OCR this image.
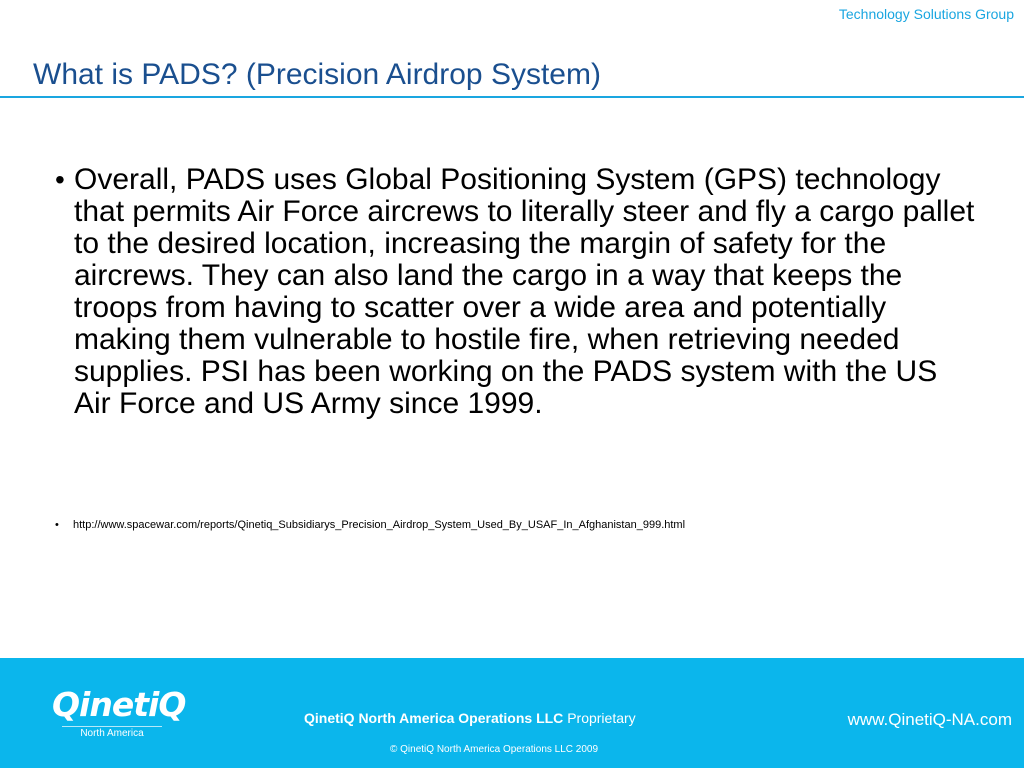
Technology Solutions Group
What is PADS? (Precision Airdrop System)
• Overall, PADS uses Global Positioning System (GPS) technology that permits Air Force aircrews to literally steer and fly a cargo pallet to the desired location, increasing the margin of safety for the aircrews. They can also land the cargo in a way that keeps the troops from having to scatter over a wide area and potentially making them vulnerable to hostile fire, when retrieving needed supplies. PSI has been working on the PADS system with the US Air Force and US Army since 1999.
•	http://www.spacewar.com/reports/Qinetiq_Subsidiarys_Precision_Airdrop_System_Used_By_USAF_In_Afghanistan_999.html
QinetiQ
North America
QinetiQ North America Operations LLC Proprietary
© QinetiQ North America Operations LLC 2009
www.QinetiQ-NA.com
